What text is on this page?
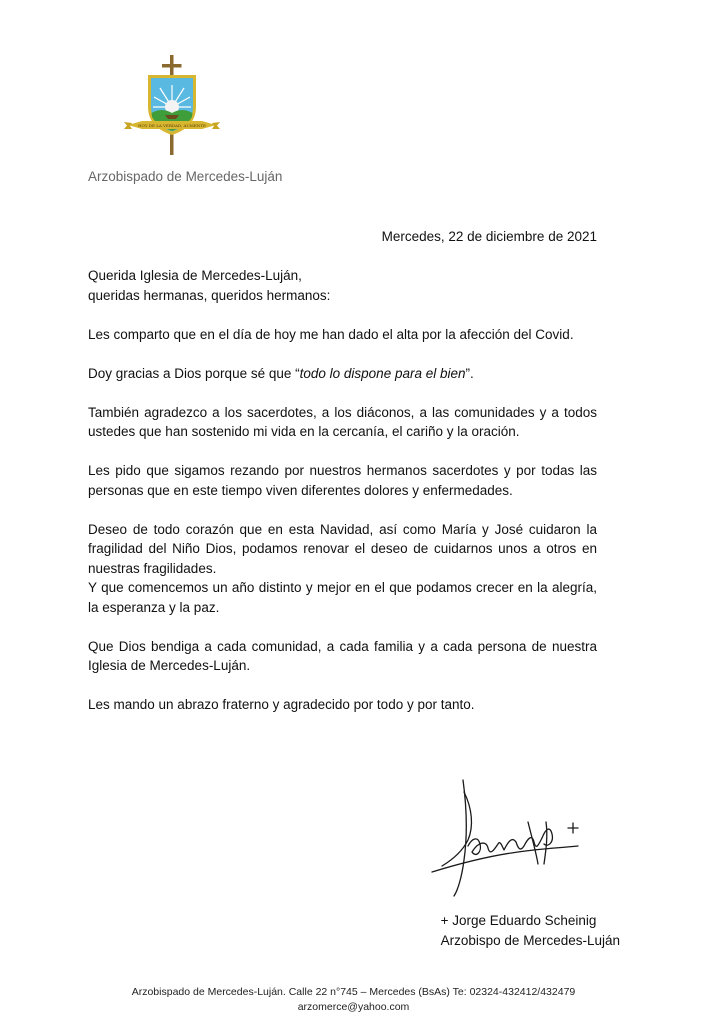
HOY DE LA VERDAD, AUMENTE
Arzobispado de Mercedes-Luján
Mercedes, 22 de diciembre de 2021

Querida Iglesia de Mercedes-Luján,
queridas hermanas, queridos hermanos:

Les comparto que en el día de hoy me han dado el alta por la afección del Covid.

Doy gracias a Dios porque sé que “todo lo dispone para el bien”.

También agradezco a los sacerdotes, a los diáconos, a las comunidades y a todos ustedes que han sostenido mi vida en la cercanía, el cariño y la oración.

Les pido que sigamos rezando por nuestros hermanos sacerdotes y por todas las personas que en este tiempo viven diferentes dolores y enfermedades.

Deseo de todo corazón que en esta Navidad, así como María y José cuidaron la fragilidad del Niño Dios, podamos renovar el deseo de cuidarnos unos a otros en nuestras fragilidades.
Y que comencemos un año distinto y mejor en el que podamos crecer en la alegría, la esperanza y la paz.

Que Dios bendiga a cada comunidad, a cada familia y a cada persona de nuestra Iglesia de Mercedes-Luján.

Les mando un abrazo fraterno y agradecido por todo y por tanto.

+ Jorge Eduardo Scheinig
Arzobispo de Mercedes-Luján
Arzobispado de Mercedes-Luján. Calle 22 n°745 – Mercedes (BsAs) Te: 02324-432412/432479
arzomerce@yahoo.com
